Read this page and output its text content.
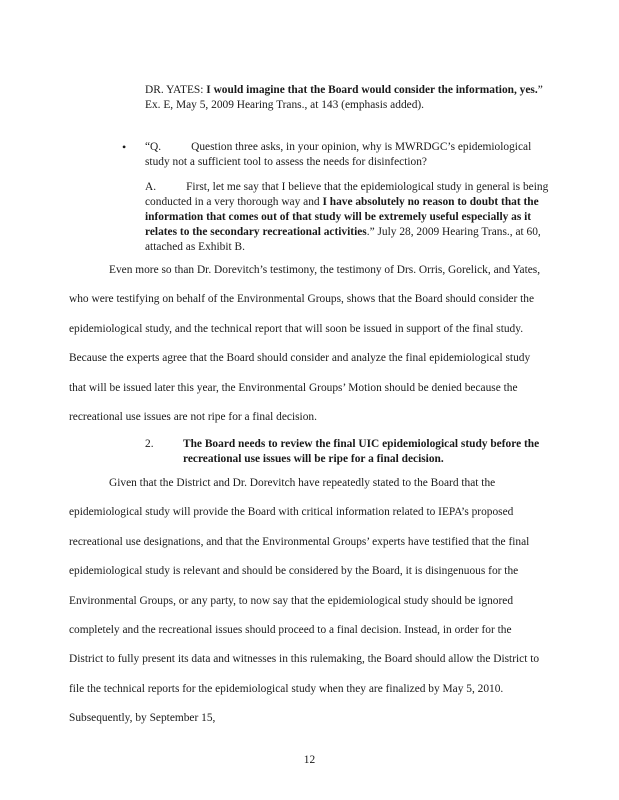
DR. YATES: I would imagine that the Board would consider the information, yes.” Ex. E, May 5, 2009 Hearing Trans., at 143 (emphasis added).
• “Q.	Question three asks, in your opinion, why is MWRDGC’s epidemiological study not a sufficient tool to assess the needs for disinfection?
A.	First, let me say that I believe that the epidemiological study in general is being conducted in a very thorough way and I have absolutely no reason to doubt that the information that comes out of that study will be extremely useful especially as it relates to the secondary recreational activities.” July 28, 2009 Hearing Trans., at 60, attached as Exhibit B.
Even more so than Dr. Dorevitch’s testimony, the testimony of Drs. Orris, Gorelick, and Yates, who were testifying on behalf of the Environmental Groups, shows that the Board should consider the epidemiological study, and the technical report that will soon be issued in support of the final study. Because the experts agree that the Board should consider and analyze the final epidemiological study that will be issued later this year, the Environmental Groups’ Motion should be denied because the recreational use issues are not ripe for a final decision.
2.	The Board needs to review the final UIC epidemiological study before the recreational use issues will be ripe for a final decision.
Given that the District and Dr. Dorevitch have repeatedly stated to the Board that the epidemiological study will provide the Board with critical information related to IEPA’s proposed recreational use designations, and that the Environmental Groups’ experts have testified that the final epidemiological study is relevant and should be considered by the Board, it is disingenuous for the Environmental Groups, or any party, to now say that the epidemiological study should be ignored completely and the recreational issues should proceed to a final decision. Instead, in order for the District to fully present its data and witnesses in this rulemaking, the Board should allow the District to file the technical reports for the epidemiological study when they are finalized by May 5, 2010. Subsequently, by September 15,
12
